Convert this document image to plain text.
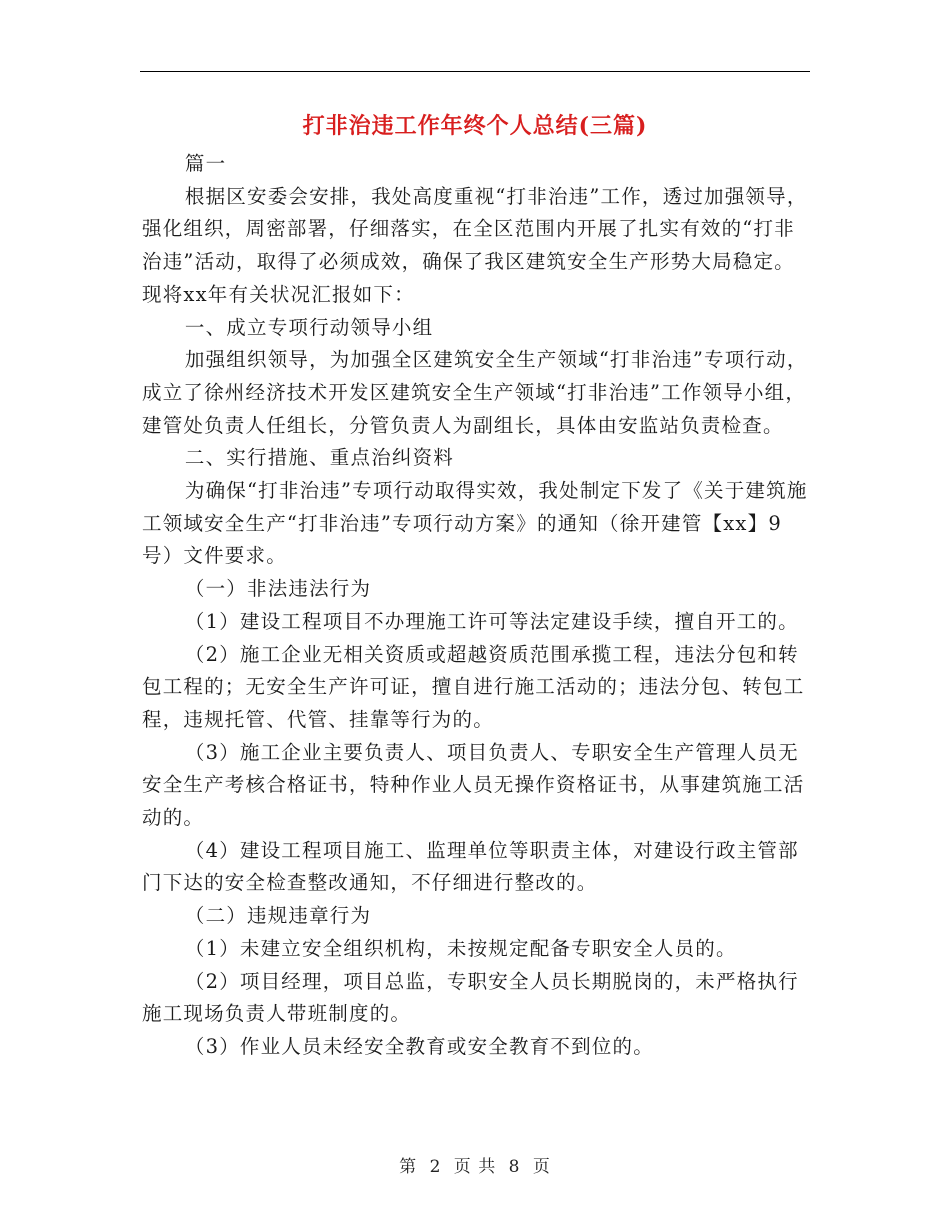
打非治违工作年终个人总结(三篇)

篇一

根据区安委会安排，我处高度重视“打非治违”工作，透过加强领导，强化组织，周密部署，仔细落实，在全区范围内开展了扎实有效的“打非治违”活动，取得了必须成效，确保了我区建筑安全生产形势大局稳定。现将xx年有关状况汇报如下：

一、成立专项行动领导小组

加强组织领导，为加强全区建筑安全生产领域“打非治违”专项行动，成立了徐州经济技术开发区建筑安全生产领域“打非治违”工作领导小组，建管处负责人任组长，分管负责人为副组长，具体由安监站负责检查。

二、实行措施、重点治纠资料

为确保“打非治违”专项行动取得实效，我处制定下发了《关于建筑施工领域安全生产“打非治违”专项行动方案》的通知（徐开建管【xx】9号）文件要求。

（一）非法违法行为

（1）建设工程项目不办理施工许可等法定建设手续，擅自开工的。

（2）施工企业无相关资质或超越资质范围承揽工程，违法分包和转包工程的；无安全生产许可证，擅自进行施工活动的；违法分包、转包工程，违规托管、代管、挂靠等行为的。

（3）施工企业主要负责人、项目负责人、专职安全生产管理人员无安全生产考核合格证书，特种作业人员无操作资格证书，从事建筑施工活动的。

（4）建设工程项目施工、监理单位等职责主体，对建设行政主管部门下达的安全检查整改通知，不仔细进行整改的。

（二）违规违章行为

（1）未建立安全组织机构，未按规定配备专职安全人员的。

（2）项目经理，项目总监，专职安全人员长期脱岗的，未严格执行施工现场负责人带班制度的。

（3）作业人员未经安全教育或安全教育不到位的。

第 2 页 共 8 页
